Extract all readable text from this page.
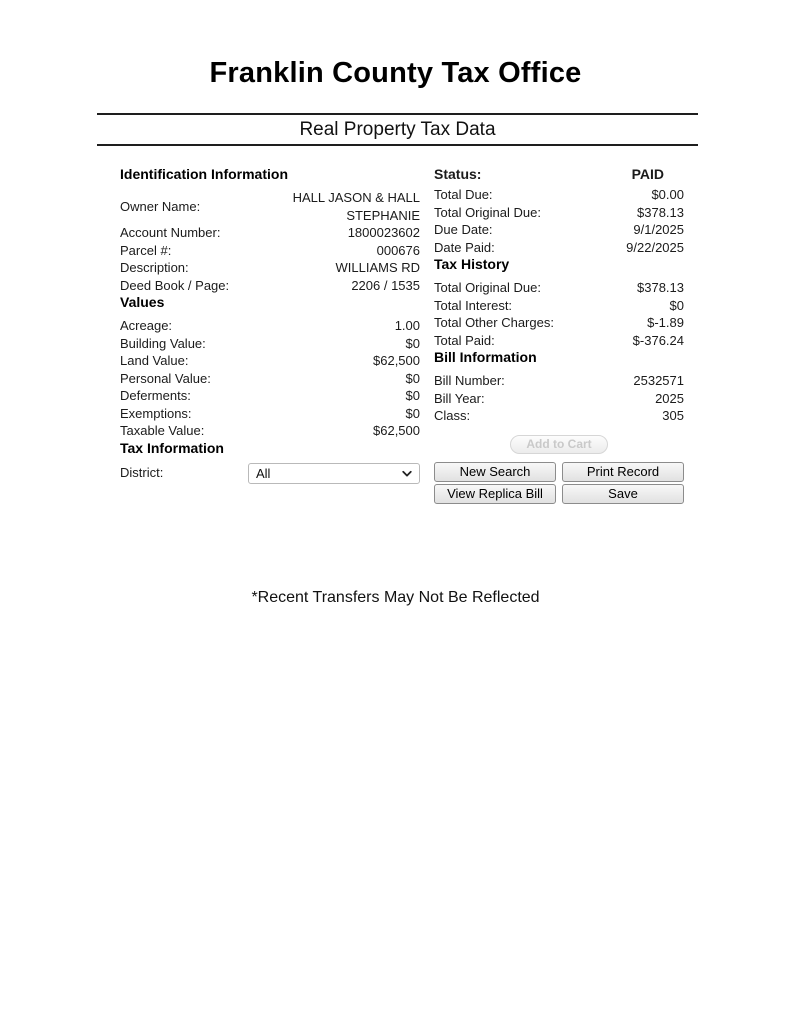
Franklin County Tax Office
Real Property Tax Data
Identification Information
Owner Name:
HALL JASON & HALL STEPHANIE
Account Number:	1800023602
Parcel #:	000676
Description:	WILLIAMS RD
Deed Book / Page:	2206 / 1535
Values
Acreage:	1.00
Building Value:	$0
Land Value:	$62,500
Personal Value:	$0
Deferments:	$0
Exemptions:	$0
Taxable Value:	$62,500
Tax Information
District:
All
Status:	PAID
Total Due:	$0.00
Total Original Due:	$378.13
Due Date:	9/1/2025
Date Paid:	9/22/2025
Tax History
Total Original Due:	$378.13
Total Interest:	$0
Total Other Charges:	$-1.89
Total Paid:	$-376.24
Bill Information
Bill Number:	2532571
Bill Year:	2025
Class:	305
Add to Cart
New Search	Print Record
View Replica Bill	Save
*Recent Transfers May Not Be Reflected
